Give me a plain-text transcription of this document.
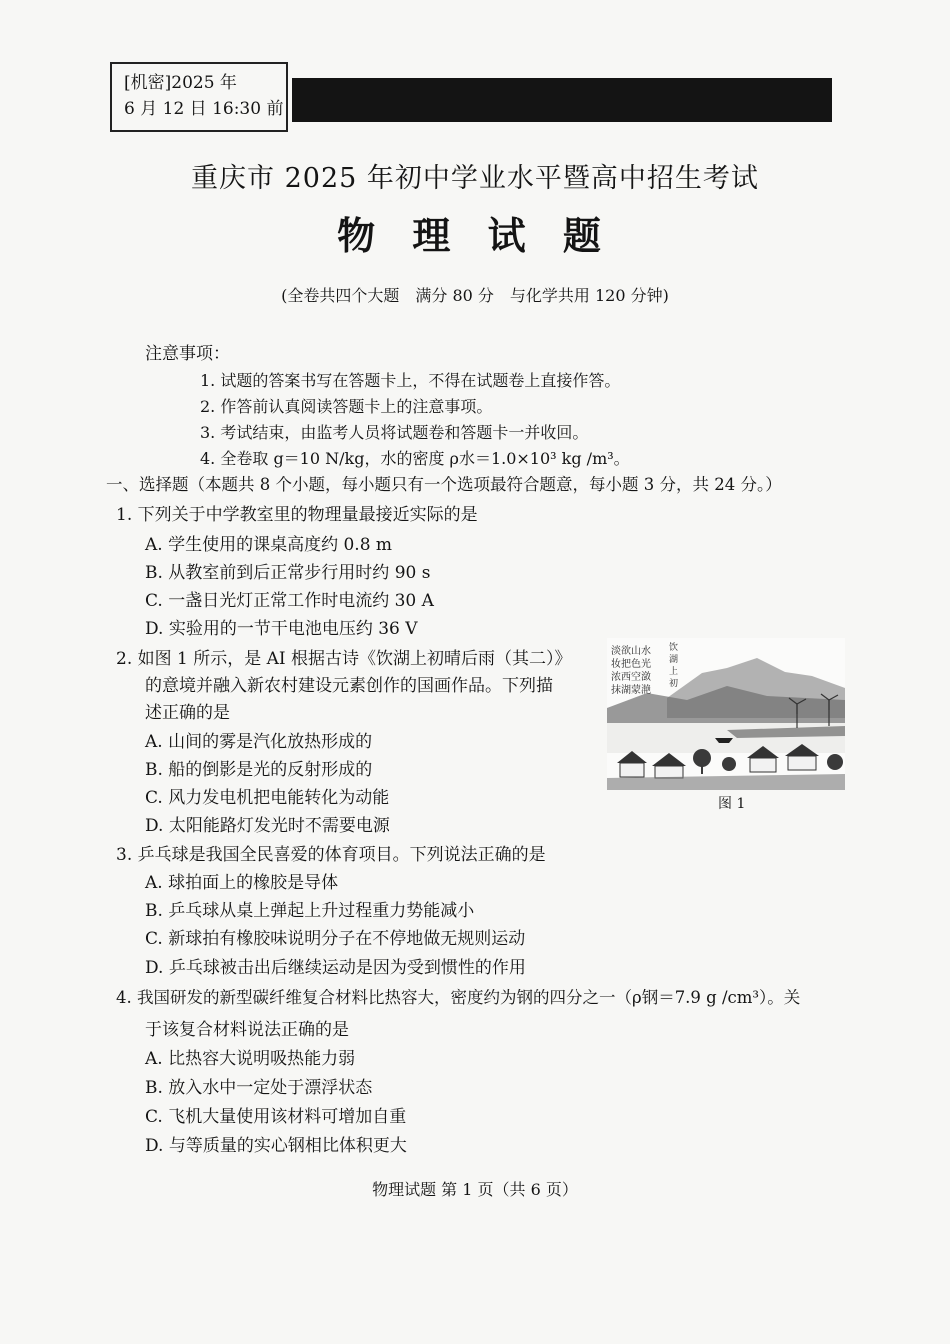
[机密]2025 年
6 月 12 日 16:30 前
重庆市 2025 年初中学业水平暨高中招生考试
物 理 试 题
(全卷共四个大题　满分 80 分　与化学共用 120 分钟)
注意事项：
1. 试题的答案书写在答题卡上，不得在试题卷上直接作答。
2. 作答前认真阅读答题卡上的注意事项。
3. 考试结束，由监考人员将试题卷和答题卡一并收回。
4. 全卷取 g＝10 N/kg，水的密度 ρ水＝1.0×10³ kg /m³。
一、选择题（本题共 8 个小题，每小题只有一个选项最符合题意，每小题 3 分，共 24 分。）
1. 下列关于中学教室里的物理量最接近实际的是
A. 学生使用的课桌高度约 0.8 m
B. 从教室前到后正常步行用时约 90 s
C. 一盏日光灯正常工作时电流约 30 A
D. 实验用的一节干电池电压约 36 V
2. 如图 1 所示，是 AI 根据古诗《饮湖上初晴后雨（其二）》
的意境并融入新农村建设元素创作的国画作品。下列描
述正确的是
A. 山间的雾是汽化放热形成的
B. 船的倒影是光的反射形成的
C. 风力发电机把电能转化为动能
D. 太阳能路灯发光时不需要电源
淡欲山水
妆把色光
浓西空潋
抹湖蒙滟
饮
湖
上
初
图 1
3. 乒乓球是我国全民喜爱的体育项目。下列说法正确的是
A. 球拍面上的橡胶是导体
B. 乒乓球从桌上弹起上升过程重力势能减小
C. 新球拍有橡胶味说明分子在不停地做无规则运动
D. 乒乓球被击出后继续运动是因为受到惯性的作用
4. 我国研发的新型碳纤维复合材料比热容大，密度约为钢的四分之一（ρ钢＝7.9 g /cm³）。关
于该复合材料说法正确的是
A. 比热容大说明吸热能力弱
B. 放入水中一定处于漂浮状态
C. 飞机大量使用该材料可增加自重
D. 与等质量的实心钢相比体积更大
物理试题 第 1 页（共 6 页）
